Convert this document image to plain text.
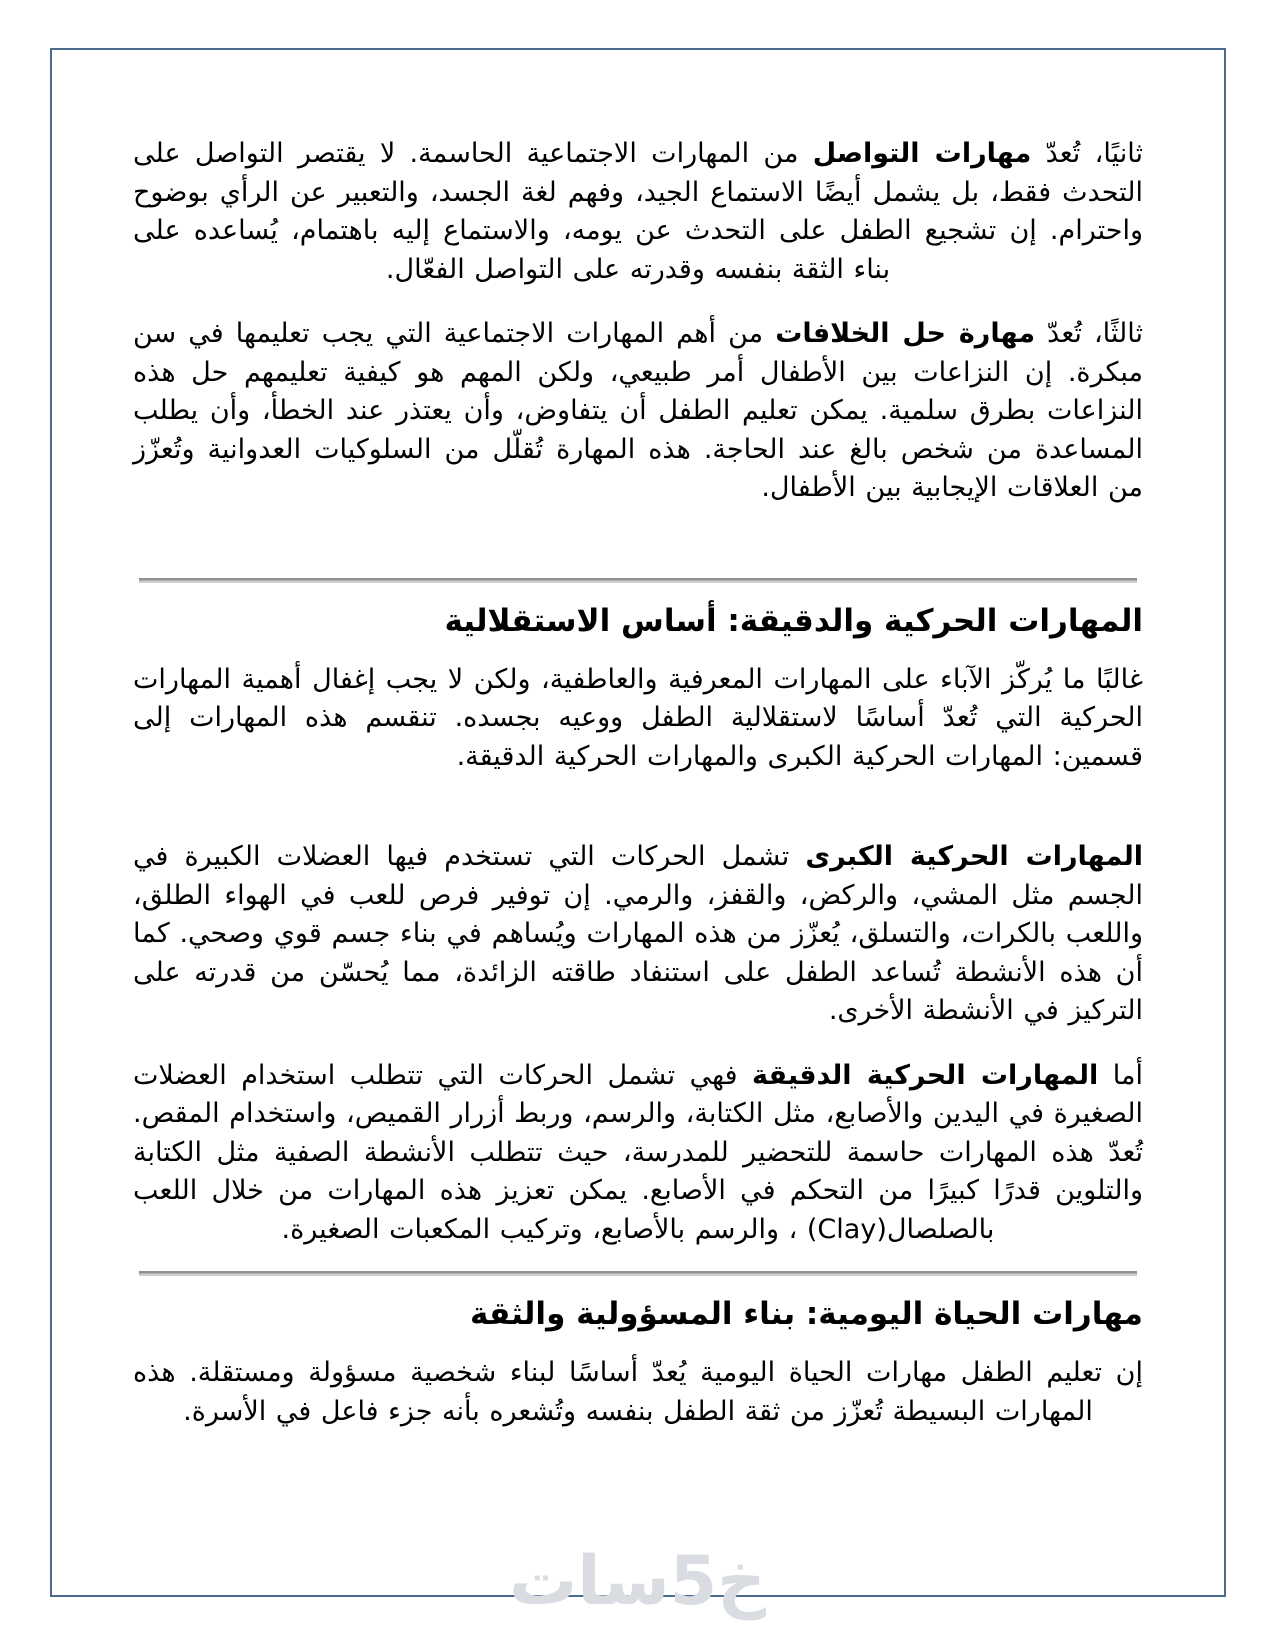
ثانيًا، تُعدّ مهارات التواصل من المهارات الاجتماعية الحاسمة. لا يقتصر التواصل على التحدث فقط، بل يشمل أيضًا الاستماع الجيد، وفهم لغة الجسد، والتعبير عن الرأي بوضوح واحترام. إن تشجيع الطفل على التحدث عن يومه، والاستماع إليه باهتمام، يُساعده على بناء الثقة بنفسه وقدرته على التواصل الفعّال.

ثالثًا، تُعدّ مهارة حل الخلافات من أهم المهارات الاجتماعية التي يجب تعليمها في سن مبكرة. إن النزاعات بين الأطفال أمر طبيعي، ولكن المهم هو كيفية تعليمهم حل هذه النزاعات بطرق سلمية. يمكن تعليم الطفل أن يتفاوض، وأن يعتذر عند الخطأ، وأن يطلب المساعدة من شخص بالغ عند الحاجة. هذه المهارة تُقلّل من السلوكيات العدوانية وتُعزّز من العلاقات الإيجابية بين الأطفال.

المهارات الحركية والدقيقة: أساس الاستقلالية

غالبًا ما يُركّز الآباء على المهارات المعرفية والعاطفية، ولكن لا يجب إغفال أهمية المهارات الحركية التي تُعدّ أساسًا لاستقلالية الطفل ووعيه بجسده. تنقسم هذه المهارات إلى قسمين: المهارات الحركية الكبرى والمهارات الحركية الدقيقة.

المهارات الحركية الكبرى تشمل الحركات التي تستخدم فيها العضلات الكبيرة في الجسم مثل المشي، والركض، والقفز، والرمي. إن توفير فرص للعب في الهواء الطلق، واللعب بالكرات، والتسلق، يُعزّز من هذه المهارات ويُساهم في بناء جسم قوي وصحي. كما أن هذه الأنشطة تُساعد الطفل على استنفاد طاقته الزائدة، مما يُحسّن من قدرته على التركيز في الأنشطة الأخرى.

أما المهارات الحركية الدقيقة فهي تشمل الحركات التي تتطلب استخدام العضلات الصغيرة في اليدين والأصابع، مثل الكتابة، والرسم، وربط أزرار القميص، واستخدام المقص. تُعدّ هذه المهارات حاسمة للتحضير للمدرسة، حيث تتطلب الأنشطة الصفية مثل الكتابة والتلوين قدرًا كبيرًا من التحكم في الأصابع. يمكن تعزيز هذه المهارات من خلال اللعب بالصلصال(Clay) ، والرسم بالأصابع، وتركيب المكعبات الصغيرة.

مهارات الحياة اليومية: بناء المسؤولية والثقة

إن تعليم الطفل مهارات الحياة اليومية يُعدّ أساسًا لبناء شخصية مسؤولة ومستقلة. هذه المهارات البسيطة تُعزّز من ثقة الطفل بنفسه وتُشعره بأنه جزء فاعل في الأسرة.

خ5سات
